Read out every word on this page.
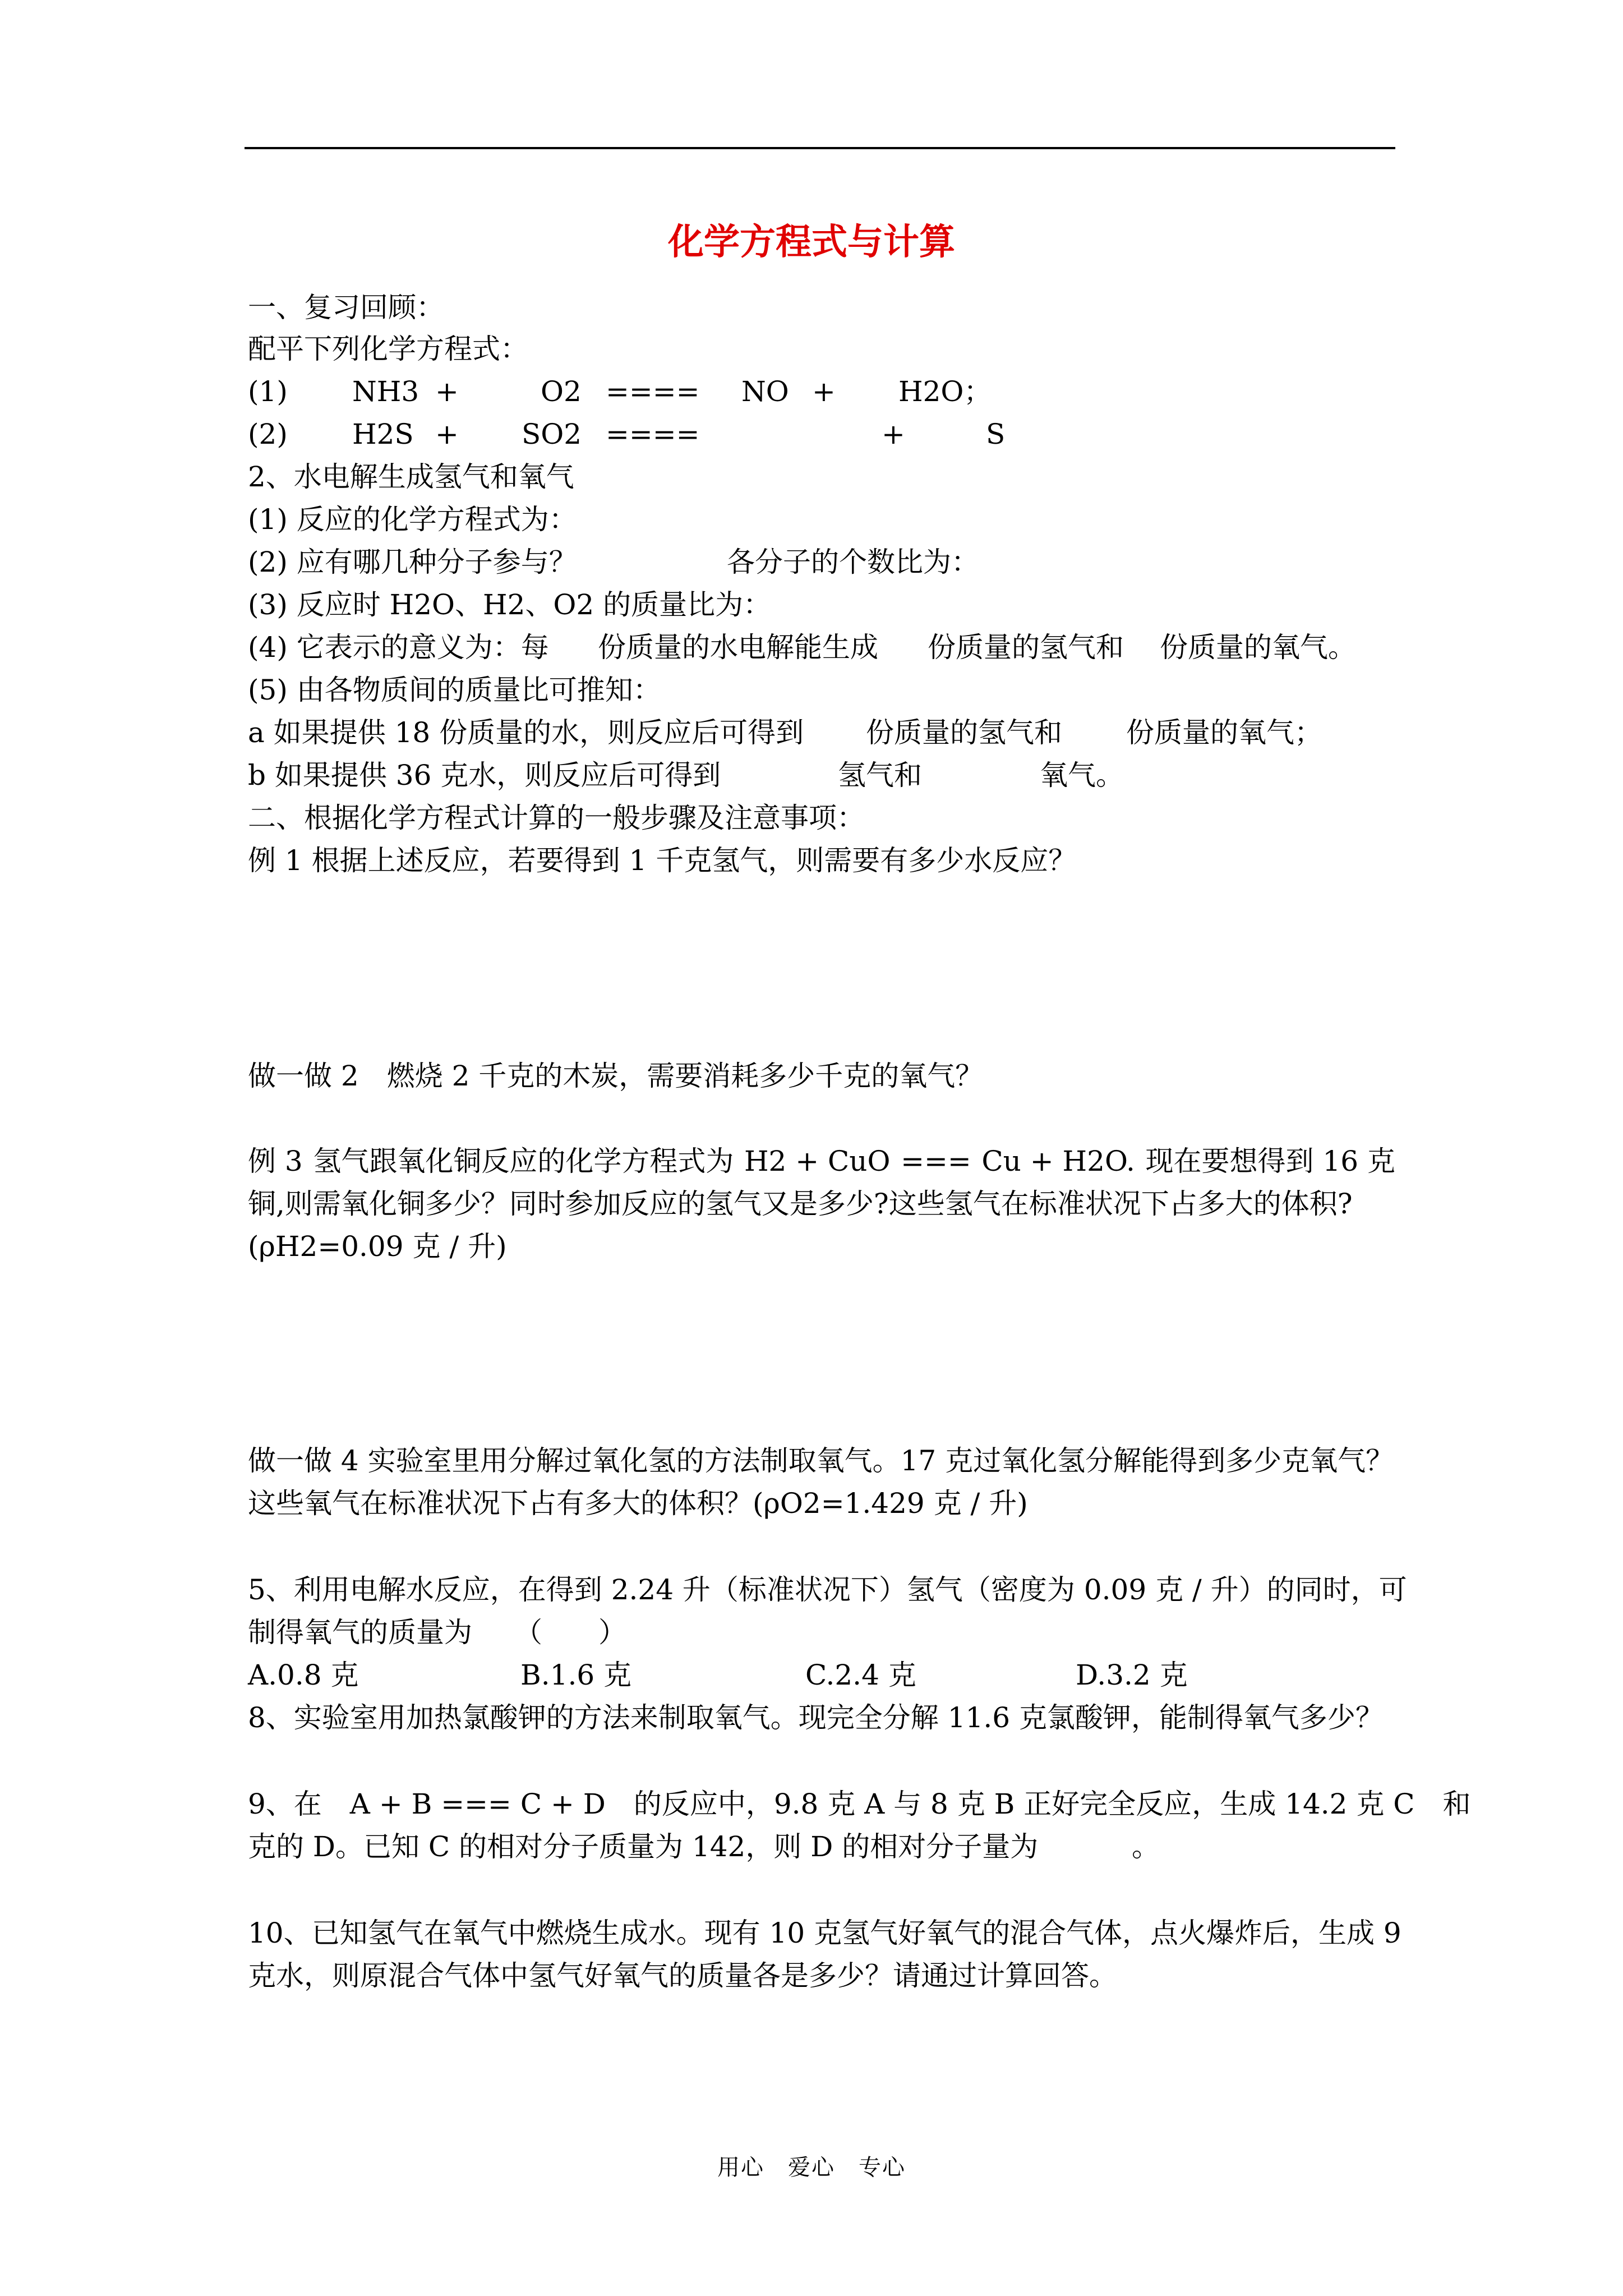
化学方程式与计算
一、复习回顾：
配平下列化学方程式：
(1) NH3 +	O2 ==== NO + H2O；
(2) H2S + SO2 ====	+	S
2、水电解生成氢气和氧气
(1) 反应的化学方程式为：
(2) 应有哪几种分子参与？	各分子的个数比为：
(3) 反应时 H2O、H2、O2 的质量比为：
(4) 它表示的意义为：每 份质量的水电解能生成 份质量的氢气和 份质量的氧气。
(5) 由各物质间的质量比可推知：
a 如果提供 18 份质量的水，则反应后可得到 份质量的氢气和 份质量的氧气；
b 如果提供 36 克水，则反应后可得到	氢气和	氧气。
二、根据化学方程式计算的一般步骤及注意事项：
例 1 根据上述反应，若要得到 1 千克氢气，则需要有多少水反应？
做一做 2　燃烧 2 千克的木炭，需要消耗多少千克的氧气？
例 3 氢气跟氧化铜反应的化学方程式为 H2 + CuO === Cu + H2O. 现在要想得到 16 克
铜,则需氧化铜多少？同时参加反应的氢气又是多少?这些氢气在标准状况下占多大的体积?
(ρH2=0.09 克 / 升)
做一做 4 实验室里用分解过氧化氢的方法制取氧气。17 克过氧化氢分解能得到多少克氧气？
这些氧气在标准状况下占有多大的体积？(ρO2=1.429 克 / 升)
5、利用电解水反应，在得到 2.24 升（标准状况下）氢气（密度为 0.09 克 / 升）的同时，可
制得氧气的质量为　　（　　）
A.0.8 克	B.1.6 克	C.2.4 克	D.3.2 克
8、实验室用加热氯酸钾的方法来制取氧气。现完全分解 11.6 克氯酸钾，能制得氧气多少？
9、在　A + B === C + D　的反应中，9.8 克 A 与 8 克 B 正好完全反应，生成 14.2 克 C　和
克的 D。已知 C 的相对分子质量为 142，则 D 的相对分子量为	。
10、已知氢气在氧气中燃烧生成水。现有 10 克氢气好氧气的混合气体，点火爆炸后，生成 9
克水，则原混合气体中氢气好氧气的质量各是多少？请通过计算回答。
用心　爱心　专心
